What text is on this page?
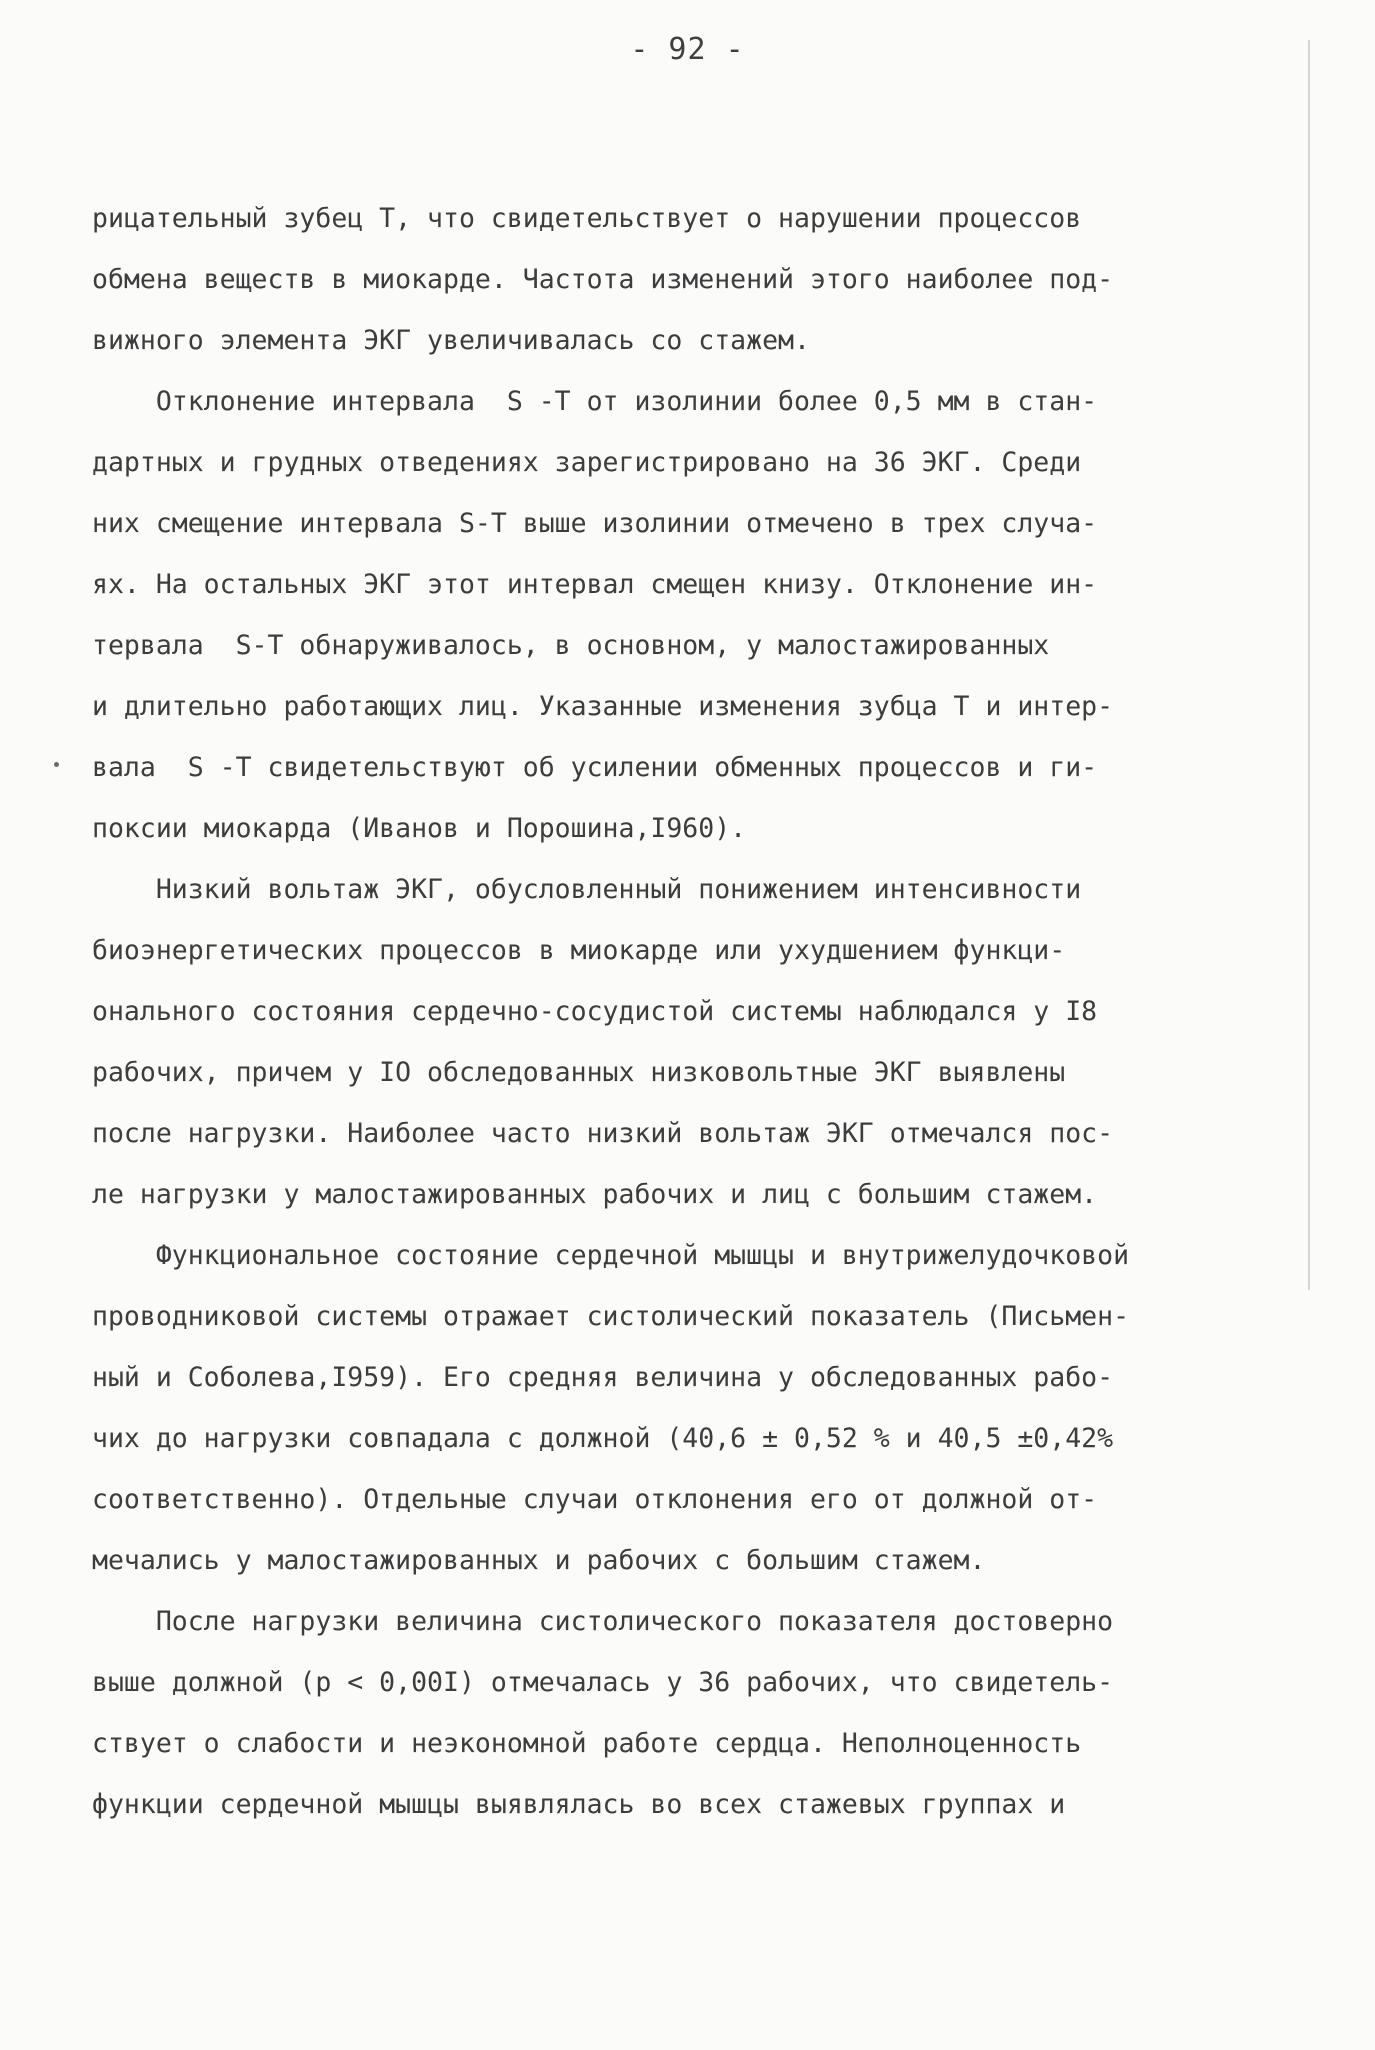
- 92 -
рицательный зубец Т, что свидетельствует о нарушении процессов
обмена веществ в миокарде. Частота изменений этого наиболее под-
вижного элемента ЭКГ увеличивалась со стажем.
Отклонение интервала  S -Т от изолинии более 0,5 мм в стан-
дартных и грудных отведениях зарегистрировано на 36 ЭКГ. Среди
них смещение интервала S-Т выше изолинии отмечено в трех случа-
ях. На остальных ЭКГ этот интервал смещен книзу. Отклонение ин-
тервала  S-Т обнаруживалось, в основном, у малостажированных
и длительно работающих лиц. Указанные изменения зубца Т и интер-
вала  S -Т свидетельствуют об усилении обменных процессов и ги-
поксии миокарда (Иванов и Порошина,I960).
Низкий вольтаж ЭКГ, обусловленный понижением интенсивности
биоэнергетических процессов в миокарде или ухудшением функци-
онального состояния сердечно-сосудистой системы наблюдался у I8
рабочих, причем у IO обследованных низковольтные ЭКГ выявлены
после нагрузки. Наиболее часто низкий вольтаж ЭКГ отмечался пос-
ле нагрузки у малостажированных рабочих и лиц с большим стажем.
Функциональное состояние сердечной мышцы и внутрижелудочковой
проводниковой системы отражает систолический показатель (Письмен-
ный и Соболева,I959). Его средняя величина у обследованных рабо-
чих до нагрузки совпадала с должной (40,6 ± 0,52 % и 40,5 ±0,42%
соответственно). Отдельные случаи отклонения его от должной от-
мечались у малостажированных и рабочих с большим стажем.
После нагрузки величина систолического показателя достоверно
выше должной (р < 0,00I) отмечалась у 36 рабочих, что свидетель-
ствует о слабости и неэкономной работе сердца. Неполноценность
функции сердечной мышцы выявлялась во всех стажевых группах и
